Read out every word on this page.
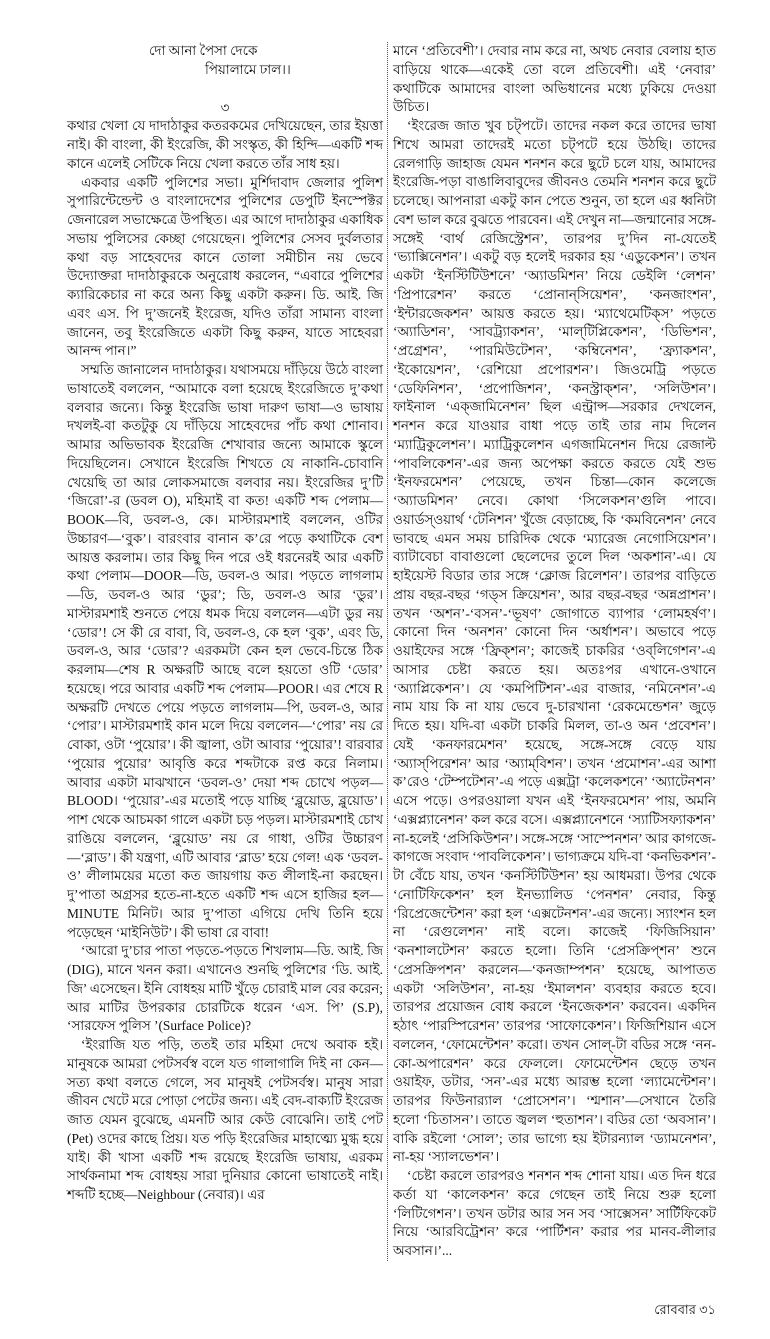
দো আনা পৈসা দেকে
পিয়ালামে ঢাল।।
৩

কথার খেলা যে দাদাঠাকুর কতরকমের দেখিয়েছেন, তার ইয়ত্তা নাই। কী বাংলা, কী ইংরেজি, কী সংস্কৃত, কী হিন্দি—একটি শব্দ কানে এলেই সেটিকে নিয়ে খেলা করতে তাঁর সাধ হয়।

একবার একটি পুলিশের সভা। মুর্শিদাবাদ জেলার পুলিশ সুপারিন্টেন্ডেন্ট ও বাংলাদেশের পুলিশের ডেপুটি ইনস্পেক্টর জেনারেল সভাক্ষেত্রে উপস্থিত। এর আগে দাদাঠাকুর একাধিক সভায় পুলিসের কেচ্ছা গেয়েছেন। পুলিশের সেসব দুর্বলতার কথা বড় সাহেবদের কানে তোলা সমীচীন নয় ভেবে উদ্যোক্তরা দাদাঠাকুরকে অনুরোধ করলেন, “এবারে পুলিশের ক্যারিকেচার না করে অন্য কিছু একটা করুন। ডি. আই. জি এবং এস. পি দু’জনেই ইংরেজ, যদিও তাঁরা সামান্য বাংলা জানেন, তবু ইংরেজিতে একটা কিছু করুন, যাতে সাহেবরা আনন্দ পান।”

সম্মতি জানালেন দাদাঠাকুর। যথাসময়ে দাঁড়িয়ে উঠে বাংলা ভাষাতেই বললেন, “আমাকে বলা হয়েছে ইংরেজিতে দু’কথা বলবার জন্যে। কিন্তু ইংরেজি ভাষা দারুণ ভাষা—ও ভাষায় দখলই-বা কতটুকু যে দাঁড়িয়ে সাহেবদের পাঁচ কথা শোনাব। আমার অভিভাবক ইংরেজি শেখাবার জন্যে আমাকে স্কুলে দিয়েছিলেন। সেখানে ইংরেজি শিখতে যে নাকানি-চোবানি খেয়েছি তা আর লোকসমাজে বলবার নয়। ইংরেজির দু’টি ‘জিরো’-র (ডবল O), মহিমাই বা কত! একটি শব্দ পেলাম—BOOK—বি, ডবল-ও, কে। মাস্টারমশাই বললেন, ওটির উচ্চারণ—‘বুক’। বারংবার বানান ক’রে পড়ে কথাটিকে বেশ আয়ত্ত করলাম। তার কিছু দিন পরে ওই ধরনেরই আর একটি কথা পেলাম—DOOR—ডি, ডবল-ও আর। পড়তে লাগলাম—ডি, ডবল-ও আর ‘ডুর’; ডি, ডবল-ও আর ‘ডুর’। মাস্টারমশাই শুনতে পেয়ে ধমক দিয়ে বললেন—এটা ডুর নয় ‘ডোর’! সে কী রে বাবা, বি, ডবল-ও, কে হল ‘বুক’, এবং ডি, ডবল-ও, আর ‘ডোর’? এরকমটা কেন হল ভেবে-চিন্তে ঠিক করলাম—শেষ R অক্ষরটি আছে বলে হয়তো ওটি ‘ডোর’ হয়েছে। পরে আবার একটি শব্দ পেলাম—POOR। এর শেষে R অক্ষরটি দেখতে পেয়ে পড়তে লাগলাম—পি, ডবল-ও, আর ‘পোর’। মাস্টারমশাই কান মলে দিয়ে বললেন—‘পোর’ নয় রে বোকা, ওটা ‘পুয়োর’। কী জ্বালা, ওটা আবার ‘পুয়োর’! বারবার ‘পুয়োর পুয়োর’ আবৃত্তি করে শব্দটাকে রপ্ত করে নিলাম। আবার একটা মাঝখানে ‘ডবল-ও’ দেয়া শব্দ চোখে পড়ল—BLOOD। ‘পুয়োর’-এর মতোই পড়ে যাচ্ছি ‘ব্লুয়োড, ব্লুয়োড’। পাশ থেকে আচমকা গালে একটা চড় পড়ল। মাস্টারমশাই চোখ রাঙিয়ে বললেন, ‘ব্লুয়োড’ নয় রে গাধা, ওটির উচ্চারণ—‘ব্লাড’। কী যন্ত্রণা, এটি আবার ‘ব্লাড’ হয়ে গেল! এক ‘ডবল-ও’ লীলাময়ের মতো কত জায়গায় কত লীলাই-না করছেন। দু’পাতা অগ্রসর হতে-না-হতে একটি শব্দ এসে হাজির হল—MINUTE মিনিট। আর দু’পাতা এগিয়ে দেখি তিনি হয়ে পড়েছেন ‘মাইনিউট’। কী ভাষা রে বাবা!

‘আরো দু’চার পাতা পড়তে-পড়তে শিখলাম—ডি. আই. জি (DIG), মানে খনন করা। এখানেও শুনছি পুলিশের ‘ডি. আই. জি’ এসেছেন। ইনি বোধহয় মাটি খুঁড়ে চোরাই মাল বের করেন; আর মাটির উপরকার চোরটিকে ধরেন ‘এস. পি’ (S.P), ‘সারফেস পুলিস ’(Surface Police)?

‘ইংরাজি যত পড়ি, ততই তার মহিমা দেখে অবাক হই। মানুষকে আমরা পেটসর্বস্ব বলে যত গালাগালি দিই না কেন—সত্য কথা বলতে গেলে, সব মানুষই পেটসর্বস্ব। মানুষ সারা জীবন খেটে মরে পোড়া পেটের জন্য। এই বেদ-বাক্যটি ইংরেজ জাত যেমন বুঝেছে, এমনটি আর কেউ বোঝেনি। তাই পেট (Pet) ওদের কাছে প্রিয়। যত পড়ি ইংরেজির মাহাত্ম্যে মুগ্ধ হয়ে যাই। কী খাসা একটি শব্দ রয়েছে ইংরেজি ভাষায়, এরকম সার্থকনামা শব্দ বোধহয় সারা দুনিয়ার কোনো ভাষাতেই নাই। শব্দটি হচ্ছে—Neighbour (নেবার)। এর

মানে ‘প্রতিবেশী’। দেবার নাম করে না, অথচ নেবার বেলায় হাত বাড়িয়ে থাকে—একেই তো বলে প্রতিবেশী। এই ‘নেবার’ কথাটিকে আমাদের বাংলা অভিধানের মধ্যে ঢুকিয়ে দেওয়া উচিত।

‘ইংরেজ জাত খুব চট্‌পটে। তাদের নকল করে তাদের ভাষা শিখে আমরা তাদেরই মতো চট্‌পটে হয়ে উঠছি। তাদের রেলগাড়ি জাহাজ যেমন শনশন করে ছুটে চলে যায়, আমাদের ইংরেজি-পড়া বাঙালিবাবুদের জীবনও তেমনি শনশন করে ছুটে চলেছে। আপনারা একটু কান পেতে শুনুন, তা হলে এর ধ্বনিটা বেশ ভাল করে বুঝতে পারবেন। এই দেখুন না—জন্মানোর সঙ্গে-সঙ্গেই ‘বার্থ রেজিস্ট্রেশন’, তারপর দু’দিন না-যেতেই ‘ভ্যাক্সিনেশন’। একটু বড় হলেই দরকার হয় ‘এডুকেশন’। তখন একটা ‘ইনস্টিটিউশনে’ ‘অ্যাডমিশন’ নিয়ে ডেইলি ‘লেশন’ ‘প্রিপারেশন’ করতে ‘প্রোনান্‌সিয়েশন’, ‘কনজাংশন’, ‘ইন্টারজেকশন’ আয়ত্ত করতে হয়। ‘ম্যাথেমেটিক্‌স’ পড়তে ‘অ্যাডিশন’, ‘সাবট্র্যাকশন’, ‘মাল্‌টিপ্লিকেশন’, ‘ডিভিশন’, ‘প্রগ্রেশন’, ‘পারমিউটেশন’, ‘কম্বিনেশন’, ‘ফ্র্যাকশন’, ‘ইকোয়েশন’, ‘রেশিয়ো প্রপোরশন’। জিওমেট্রি পড়তে ‘ডেফিনিশন’, ‘প্রপোজিশন’, ‘কনস্ট্রাক্‌শন’, ‘সলিউশন’। ফাইনাল ‘এক্‌জামিনেশন’ ছিল এন্ট্রান্স—সরকার দেখলেন, শনশন করে যাওয়ার বাধা পড়ে তাই তার নাম দিলেন ‘ম্যাট্রিকুলেশন’। ম্যাট্রিকুলেশন এগজামিনেশন দিয়ে রেজাল্ট ‘পাবলিকেশন’-এর জন্য অপেক্ষা করতে করতে যেই শুভ ‘ইনফরমেশন’ পেয়েছে, তখন চিন্তা—কোন কলেজে ‘অ্যাডমিশন’ নেবে। কোথা ‘সিলেকশন’গুলি পাবে। ওয়ার্ডস্‌ওয়ার্থ ‘টেনিশন’ খুঁজে বেড়াচ্ছে, কি ‘কমবিনেশন’ নেবে ভাবছে এমন সময় চারিদিক থেকে ‘ম্যারেজ নেগোসিয়েশন’। ব্যাটাবেচা বাবাগুলো ছেলেদের তুলে দিল ‘অকশান’-এ। যে হাইয়েস্ট বিডার তার সঙ্গে ‘ক্লোজ রিলেশন’। তারপর বাড়িতে প্রায় বছর-বছর ‘গড্‌স ক্রিয়েশন’, আর বছর-বছর ‘অন্নপ্রাশন’। তখন ‘অশন’-‘বসন’-‘ভূষণ’ জোগাতে ব্যাপার ‘লোমহর্ষণ’। কোনো দিন ‘অনশন’ কোনো দিন ‘অর্ধাশন’। অভাবে পড়ে ওয়াইফের সঙ্গে ‘ফ্রিক্‌শন’; কাজেই চাকরির ‘ওব্‌লিগেশন’-এ আসার চেষ্টা করতে হয়। অতঃপর এখানে-ওখানে ‘অ্যাপ্লিকেশন’। যে ‘কমপিটিশন’-এর বাজার, ‘নমিনেশন’-এ নাম যায় কি না যায় ভেবে দু-চারখানা ‘রেকমেন্ডেশন’ জুড়ে দিতে হয়। যদি-বা একটা চাকরি মিলল, তা-ও অন ‘প্রবেশন’। যেই ‘কনফারমেশন’ হয়েছে, সঙ্গে-সঙ্গে বেড়ে যায় ‘অ্যাস্‌পিরেশন’ আর ‘অ্যাম্‌বিশন’। তখন ‘প্রমোশন’-এর আশা ক’রেও ‘টেম্পটেশন’-এ পড়ে এক্সট্রা ‘কলেকশনে’ ‘অ্যাটেনশন’ এসে পড়ে। ওপরওয়ালা যখন এই ‘ইনফরমেশন’ পায়, অমনি ‘এক্সপ্ল্যানেশন’ কল করে বসে। এক্সপ্ল্যানেশনে ‘স্যাটিসফ্যাকশন’ না-হলেই ‘প্রসিকিউশন’। সঙ্গে-সঙ্গে ‘সাস্পেনশন’ আর কাগজে-কাগজে সংবাদ ‘পাবলিকেশন’। ভাগ্যক্রমে যদি-বা ‘কনভিকশন’-টা বেঁচে যায়, তখন ‘কনস্টিটিউশন’ হয় আধমরা। উপর থেকে ‘নোটিফিকেশন’ হল ইনভ্যালিড ‘পেনশন’ নেবার, কিন্তু ‘রিপ্রেজেন্টেশন’ করা হল ‘এক্সটেনশন’-এর জন্যে। স্যাংশন হল না ‘রেগুলেশন’ নাই বলে। কাজেই ‘ফিজিসিয়ান’ ‘কনশালটেশন’ করতে হলো। তিনি ‘প্রেসক্রিপ্‌শন’ শুনে ‘প্রেসক্রিপশন’ করলেন—‘কনজাম্পশন’ হয়েছে, আপাতত একটা ‘সলিউশন’, না-হয় ‘ইমালশন’ ব্যবহার করতে হবে। তারপর প্রয়োজন বোধ করলে ‘ইনজেকশন’ করবেন। একদিন হঠাৎ ‘পারস্পিরেশন’ তারপর ‘সাফোকেশন’। ফিজিশিয়ান এসে বললেন, ‘ফোমেন্টেশন’ করো। তখন সোল্‌-টা বডির সঙ্গে ‘নন-কো-অপারেশন’ করে ফেললে। ফোমেন্টেশন ছেড়ে তখন ওয়াইফ, ডটার, ‘সন’-এর মধ্যে আরম্ভ হলো ‘ল্যামেন্টেশন’। তারপর ফিউনার‍্যাল ‘প্রোসেশন’। ‘শ্মশান’—সেখানে তৈরি হলো ‘চিতাসন’। তাতে জ্বলল ‘হুতাশন’। বডির তো ‘অবসান’। বাকি রইলো ‘সোল’; তার ভাগ্যে হয় ইটারন্যাল ‘ড্যামনেশন’, না-হয় ‘স্যালভেশন’।

‘চেষ্টা করলে তারপরও শনশন শব্দ শোনা যায়। এত দিন ধরে কর্তা যা ‘কালেকশন’ করে গেছেন তাই নিয়ে শুরু হলো ‘লিটিগেশন’। তখন ডটার আর সন সব ‘সাক্সেসন’ সার্টিফিকেট নিয়ে ‘আরবিট্রেশন’ করে ‘পার্টিশন’ করার পর মানব-লীলার অবসান।’...

রোববার ৩১
